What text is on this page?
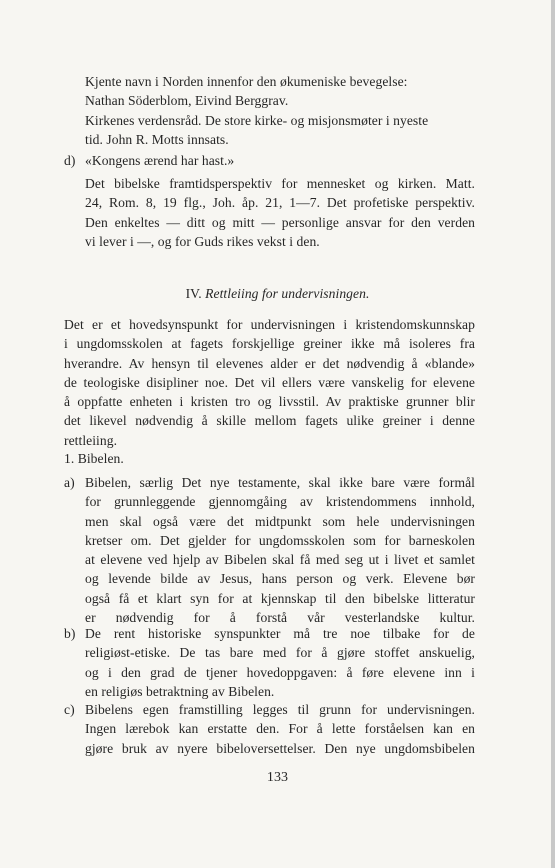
Kjente navn i Norden innenfor den økumeniske bevegelse:
Nathan Söderblom, Eivind Berggrav.
Kirkenes verdensråd. De store kirke- og misjonsmøter i nyeste
tid. John R. Motts innsats.
d) «Kongens ærend har hast.»
Det bibelske framtidsperspektiv for mennesket og kirken. Matt.
24, Rom. 8, 19 flg., Joh. åp. 21, 1—7. Det profetiske perspektiv.
Den enkeltes — ditt og mitt — personlige ansvar for den verden
vi lever i —, og for Guds rikes vekst i den.
IV. Rettleiing for undervisningen.
Det er et hovedsynspunkt for undervisningen i kristendomskunnskap
i ungdomsskolen at fagets forskjellige greiner ikke må isoleres fra
hverandre. Av hensyn til elevenes alder er det nødvendig å «blande»
de teologiske disipliner noe. Det vil ellers være vanskelig for elevene
å oppfatte enheten i kristen tro og livsstil. Av praktiske grunner blir
det likevel nødvendig å skille mellom fagets ulike greiner i denne
rettleiing.
1. Bibelen.
a) Bibelen, særlig Det nye testamente, skal ikke bare være formål
for grunnleggende gjennomgåing av kristendommens innhold,
men skal også være det midtpunkt som hele undervisningen
kretser om. Det gjelder for ungdomsskolen som for barneskolen
at elevene ved hjelp av Bibelen skal få med seg ut i livet et samlet
og levende bilde av Jesus, hans person og verk. Elevene bør
også få et klart syn for at kjennskap til den bibelske litteratur
er nødvendig for å forstå vår vesterlandske kultur.
b) De rent historiske synspunkter må tre noe tilbake for de
religiøst-etiske. De tas bare med for å gjøre stoffet anskuelig,
og i den grad de tjener hovedoppgaven: å føre elevene inn i
en religiøs betraktning av Bibelen.
c) Bibelens egen framstilling legges til grunn for undervisningen.
Ingen lærebok kan erstatte den. For å lette forståelsen kan en
gjøre bruk av nyere bibeloversettelser. Den nye ungdomsbibelen
133
